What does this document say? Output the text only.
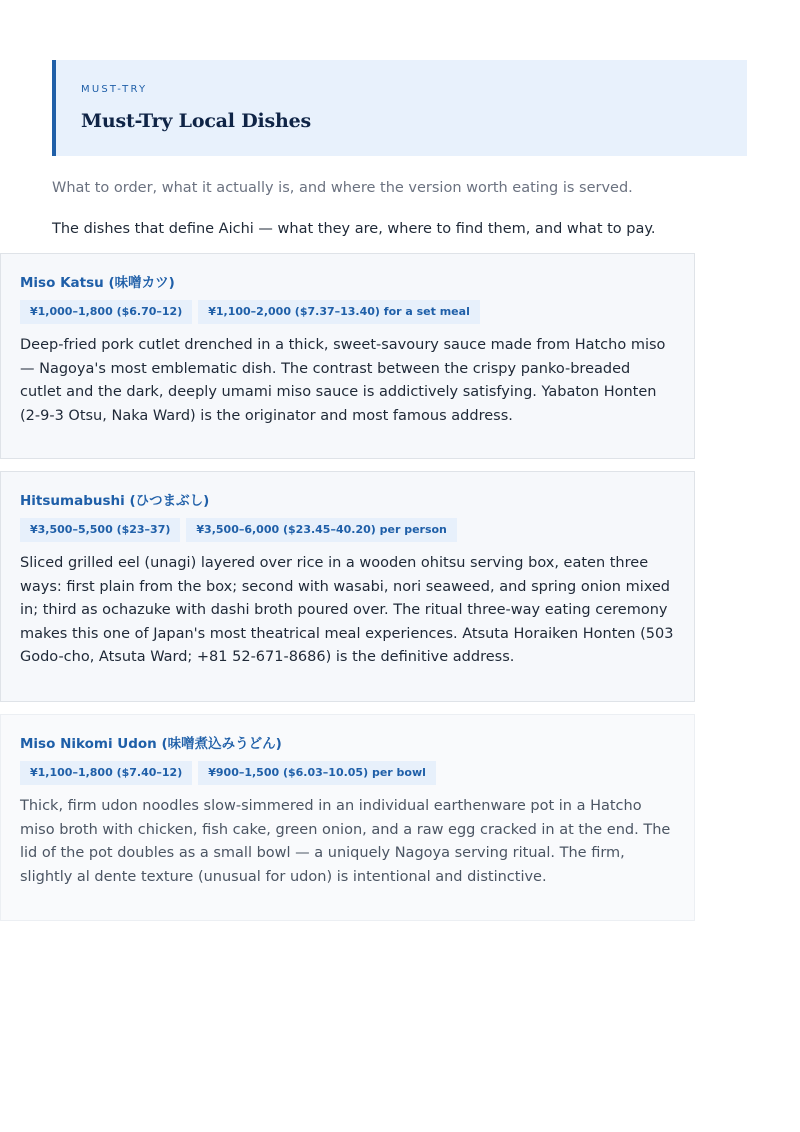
MUST-TRY

Must-Try Local Dishes

What to order, what it actually is, and where the version worth eating is served.

The dishes that define Aichi — what they are, where to find them, and what to pay.

Miso Katsu (味噌カツ)
¥1,000–1,800 ($6.70–12) ¥1,100–2,000 ($7.37–13.40) for a set meal

Deep-fried pork cutlet drenched in a thick, sweet-savoury sauce made from Hatcho miso — Nagoya's most emblematic dish. The contrast between the crispy panko-breaded cutlet and the dark, deeply umami miso sauce is addictively satisfying. Yabaton Honten (2-9-3 Otsu, Naka Ward) is the originator and most famous address.

Hitsumabushi (ひつまぶし)
¥3,500–5,500 ($23–37) ¥3,500–6,000 ($23.45–40.20) per person

Sliced grilled eel (unagi) layered over rice in a wooden ohitsu serving box, eaten three ways: first plain from the box; second with wasabi, nori seaweed, and spring onion mixed in; third as ochazuke with dashi broth poured over. The ritual three-way eating ceremony makes this one of Japan's most theatrical meal experiences. Atsuta Horaiken Honten (503 Godo-cho, Atsuta Ward; +81 52-671-8686) is the definitive address.

Miso Nikomi Udon (味噌煮込みうどん)
¥1,100–1,800 ($7.40–12) ¥900–1,500 ($6.03–10.05) per bowl

Thick, firm udon noodles slow-simmered in an individual earthenware pot in a Hatcho miso broth with chicken, fish cake, green onion, and a raw egg cracked in at the end. The lid of the pot doubles as a small bowl — a uniquely Nagoya serving ritual. The firm, slightly al dente texture (unusual for udon) is intentional and distinctive.
